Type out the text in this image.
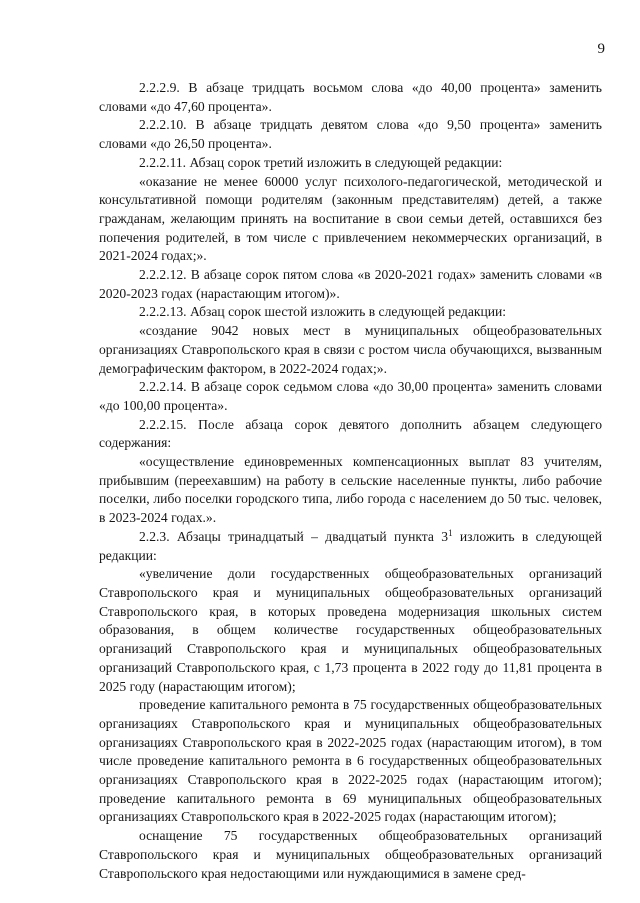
9

2.2.2.9. В абзаце тридцать восьмом слова «до 40,00 процента» заменить словами «до 47,60 процента».

2.2.2.10. В абзаце тридцать девятом слова «до 9,50 процента» заменить словами «до 26,50 процента».

2.2.2.11. Абзац сорок третий изложить в следующей редакции:

«оказание не менее 60000 услуг психолого-педагогической, методической и консультативной помощи родителям (законным представителям) детей, а также гражданам, желающим принять на воспитание в свои семьи детей, оставшихся без попечения родителей, в том числе с привлечением некоммерческих организаций, в 2021-2024 годах;».

2.2.2.12. В абзаце сорок пятом слова «в 2020-2021 годах» заменить словами «в 2020-2023 годах (нарастающим итогом)».

2.2.2.13. Абзац сорок шестой изложить в следующей редакции:

«создание 9042 новых мест в муниципальных общеобразовательных организациях Ставропольского края в связи с ростом числа обучающихся, вызванным демографическим фактором, в 2022-2024 годах;».

2.2.2.14. В абзаце сорок седьмом слова «до 30,00 процента» заменить словами «до 100,00 процента».

2.2.2.15. После абзаца сорок девятого дополнить абзацем следующего содержания:

«осуществление единовременных компенсационных выплат 83 учителям, прибывшим (переехавшим) на работу в сельские населенные пункты, либо рабочие поселки, либо поселки городского типа, либо города с населением до 50 тыс. человек, в 2023-2024 годах.».

2.2.3. Абзацы тринадцатый – двадцатый пункта $3^1$ изложить в следующей редакции:

«увеличение доли государственных общеобразовательных организаций Ставропольского края и муниципальных общеобразовательных организаций Ставропольского края, в которых проведена модернизация школьных систем образования, в общем количестве государственных общеобразовательных организаций Ставропольского края и муниципальных общеобразовательных организаций Ставропольского края, с 1,73 процента в 2022 году до 11,81 процента в 2025 году (нарастающим итогом);

проведение капитального ремонта в 75 государственных общеобразовательных организациях Ставропольского края и муниципальных общеобразовательных организациях Ставропольского края в 2022-2025 годах (нарастающим итогом), в том числе проведение капитального ремонта в 6 государственных общеобразовательных организациях Ставропольского края в 2022-2025 годах (нарастающим итогом); проведение капитального ремонта в 69 муниципальных общеобразовательных организациях Ставропольского края в 2022-2025 годах (нарастающим итогом);

оснащение 75 государственных общеобразовательных организаций Ставропольского края и муниципальных общеобразовательных организаций Ставропольского края недостающими или нуждающимися в замене сред-
